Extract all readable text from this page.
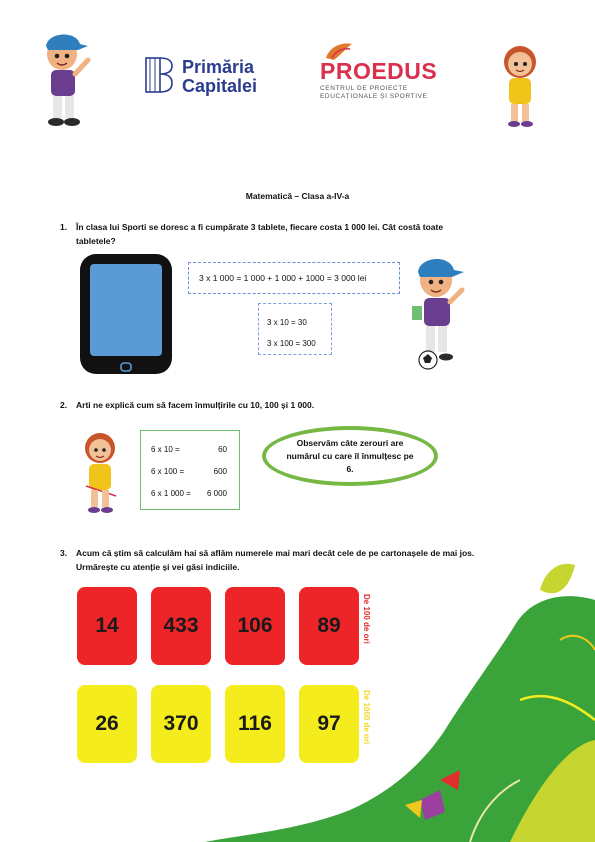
Primăria
Capitalei
PROEDUS
CENTRUL DE PROIECTE
EDUCAȚIONALE ȘI SPORTIVE
Matematică – Clasa a-IV-a
1. În clasa lui Sporti se doresc a fi cumpărate 3 tablete, fiecare costa 1 000 lei. Cât costă toate tabletele?
3 x 1 000 = 1 000 + 1 000 + 1000 = 3 000 lei
3 x 10 = 30
3 x 100 = 300
2. Arti ne explică cum să facem înmulțirile cu 10, 100 și 1 000.
6 x 10 =	60
6 x 100 =	600
6 x 1 000 = 6 000
Observăm câte zerouri are numărul cu care îl înmulțesc pe 6.
3. Acum că știm să calculăm hai să aflăm numerele mai mari decât cele de pe cartonașele de mai jos. Urmărește cu atenție și vei găsi indiciile.
14	433	106	89	De 100 de ori
26	370	116	97	De 1000 de ori
